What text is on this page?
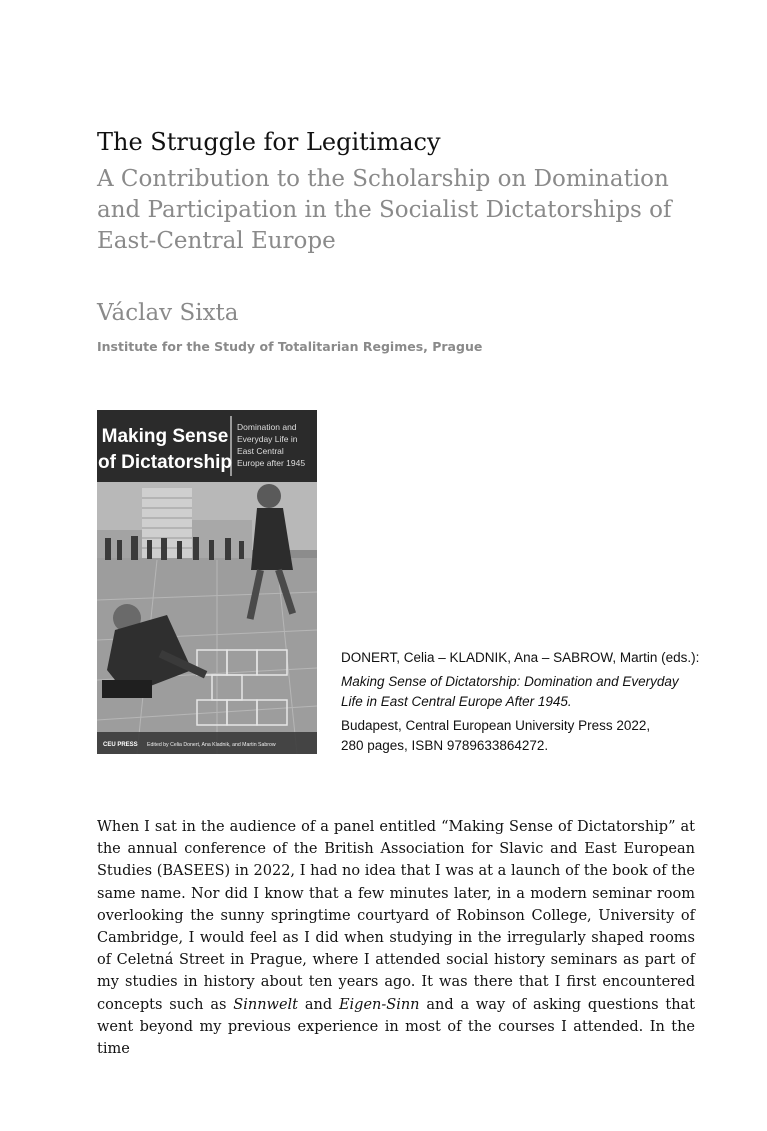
The Struggle for Legitimacy
A Contribution to the Scholarship on Domination and Participation in the Socialist Dictatorships of East-Central Europe
Václav Sixta
Institute for the Study of Totalitarian Regimes, Prague
Making Sense
of Dictatorship
Domination and
Everyday Life in
East Central
Europe after 1945
CEU PRESS Edited by Celia Donert, Ana Kladnik, and Martin Sabrow

DONERT, Celia – KLADNIK, Ana – SABROW, Martin (eds.):

Making Sense of Dictatorship: Domination and Everyday Life in East Central Europe After 1945.

Budapest, Central European University Press 2022,
280 pages, ISBN 9789633864272.

When I sat in the audience of a panel entitled “Making Sense of Dictatorship” at the annual conference of the British Association for Slavic and East European Studies (BASEES) in 2022, I had no idea that I was at a launch of the book of the same name. Nor did I know that a few minutes later, in a modern seminar room overlooking the sunny springtime courtyard of Robinson College, University of Cambridge, I would feel as I did when studying in the irregularly shaped rooms of Celetná Street in Prague, where I attended social history seminars as part of my studies in history about ten years ago. It was there that I first encountered concepts such as Sinnwelt and Eigen-Sinn and a way of asking questions that went beyond my previous experience in most of the courses I attended. In the time
